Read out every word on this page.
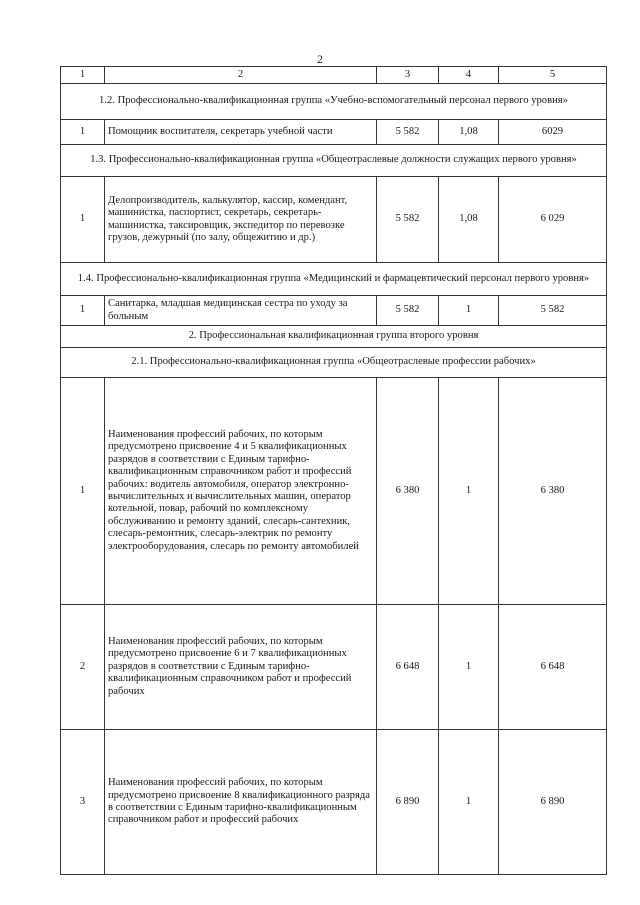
2
1	2	3	4	5
1.2. Профессионально-квалификационная группа «Учебно-вспомогательный персонал первого уровня»				
1	Помощник воспитателя, секретарь учебной части	5 582	1,08	6029
1.3. Профессионально-квалификационная группа «Общеотраслевые должности служащих первого уровня»				
1	Делопроизводитель, калькулятор, кассир, комендант, машинистка, паспортист, секретарь, секретарь-машинистка, таксировщик, экспедитор по перевозке грузов, дежурный (по залу, общежитию и др.)	5 582	1,08	6 029
1.4. Профессионально-квалификационная группа «Медицинский и фармацевтический персонал первого уровня»				
1	Санитарка, младшая медицинская сестра по уходу за больным	5 582	1	5 582
2. Профессиональная квалификационная группа второго уровня				
2.1. Профессионально-квалификационная группа «Общеотраслевые профессии рабочих»				
1	Наименования профессий рабочих, по которым предусмотрено присвоение 4 и 5 квалификационных разрядов в соответствии с Единым тарифно-квалификационным справочником работ и профессий рабочих: водитель автомобиля, оператор электронно-вычислительных и вычислительных машин, оператор котельной, повар, рабочий по комплексному обслуживанию и ремонту зданий, слесарь-сантехник, слесарь-ремонтник, слесарь-электрик по ремонту электрооборудования, слесарь по ремонту автомобилей	6 380	1	6 380
2	Наименования профессий рабочих, по которым предусмотрено присвоение 6 и 7 квалификационных разрядов в соответствии с Единым тарифно-квалификационным справочником работ и профессий рабочих	6 648	1	6 648
3	Наименования профессий рабочих, по которым предусмотрено присвоение 8 квалификационного разряда в соответствии с Единым тарифно-квалификационным справочником работ и профессий рабочих	6 890	1	6 890
